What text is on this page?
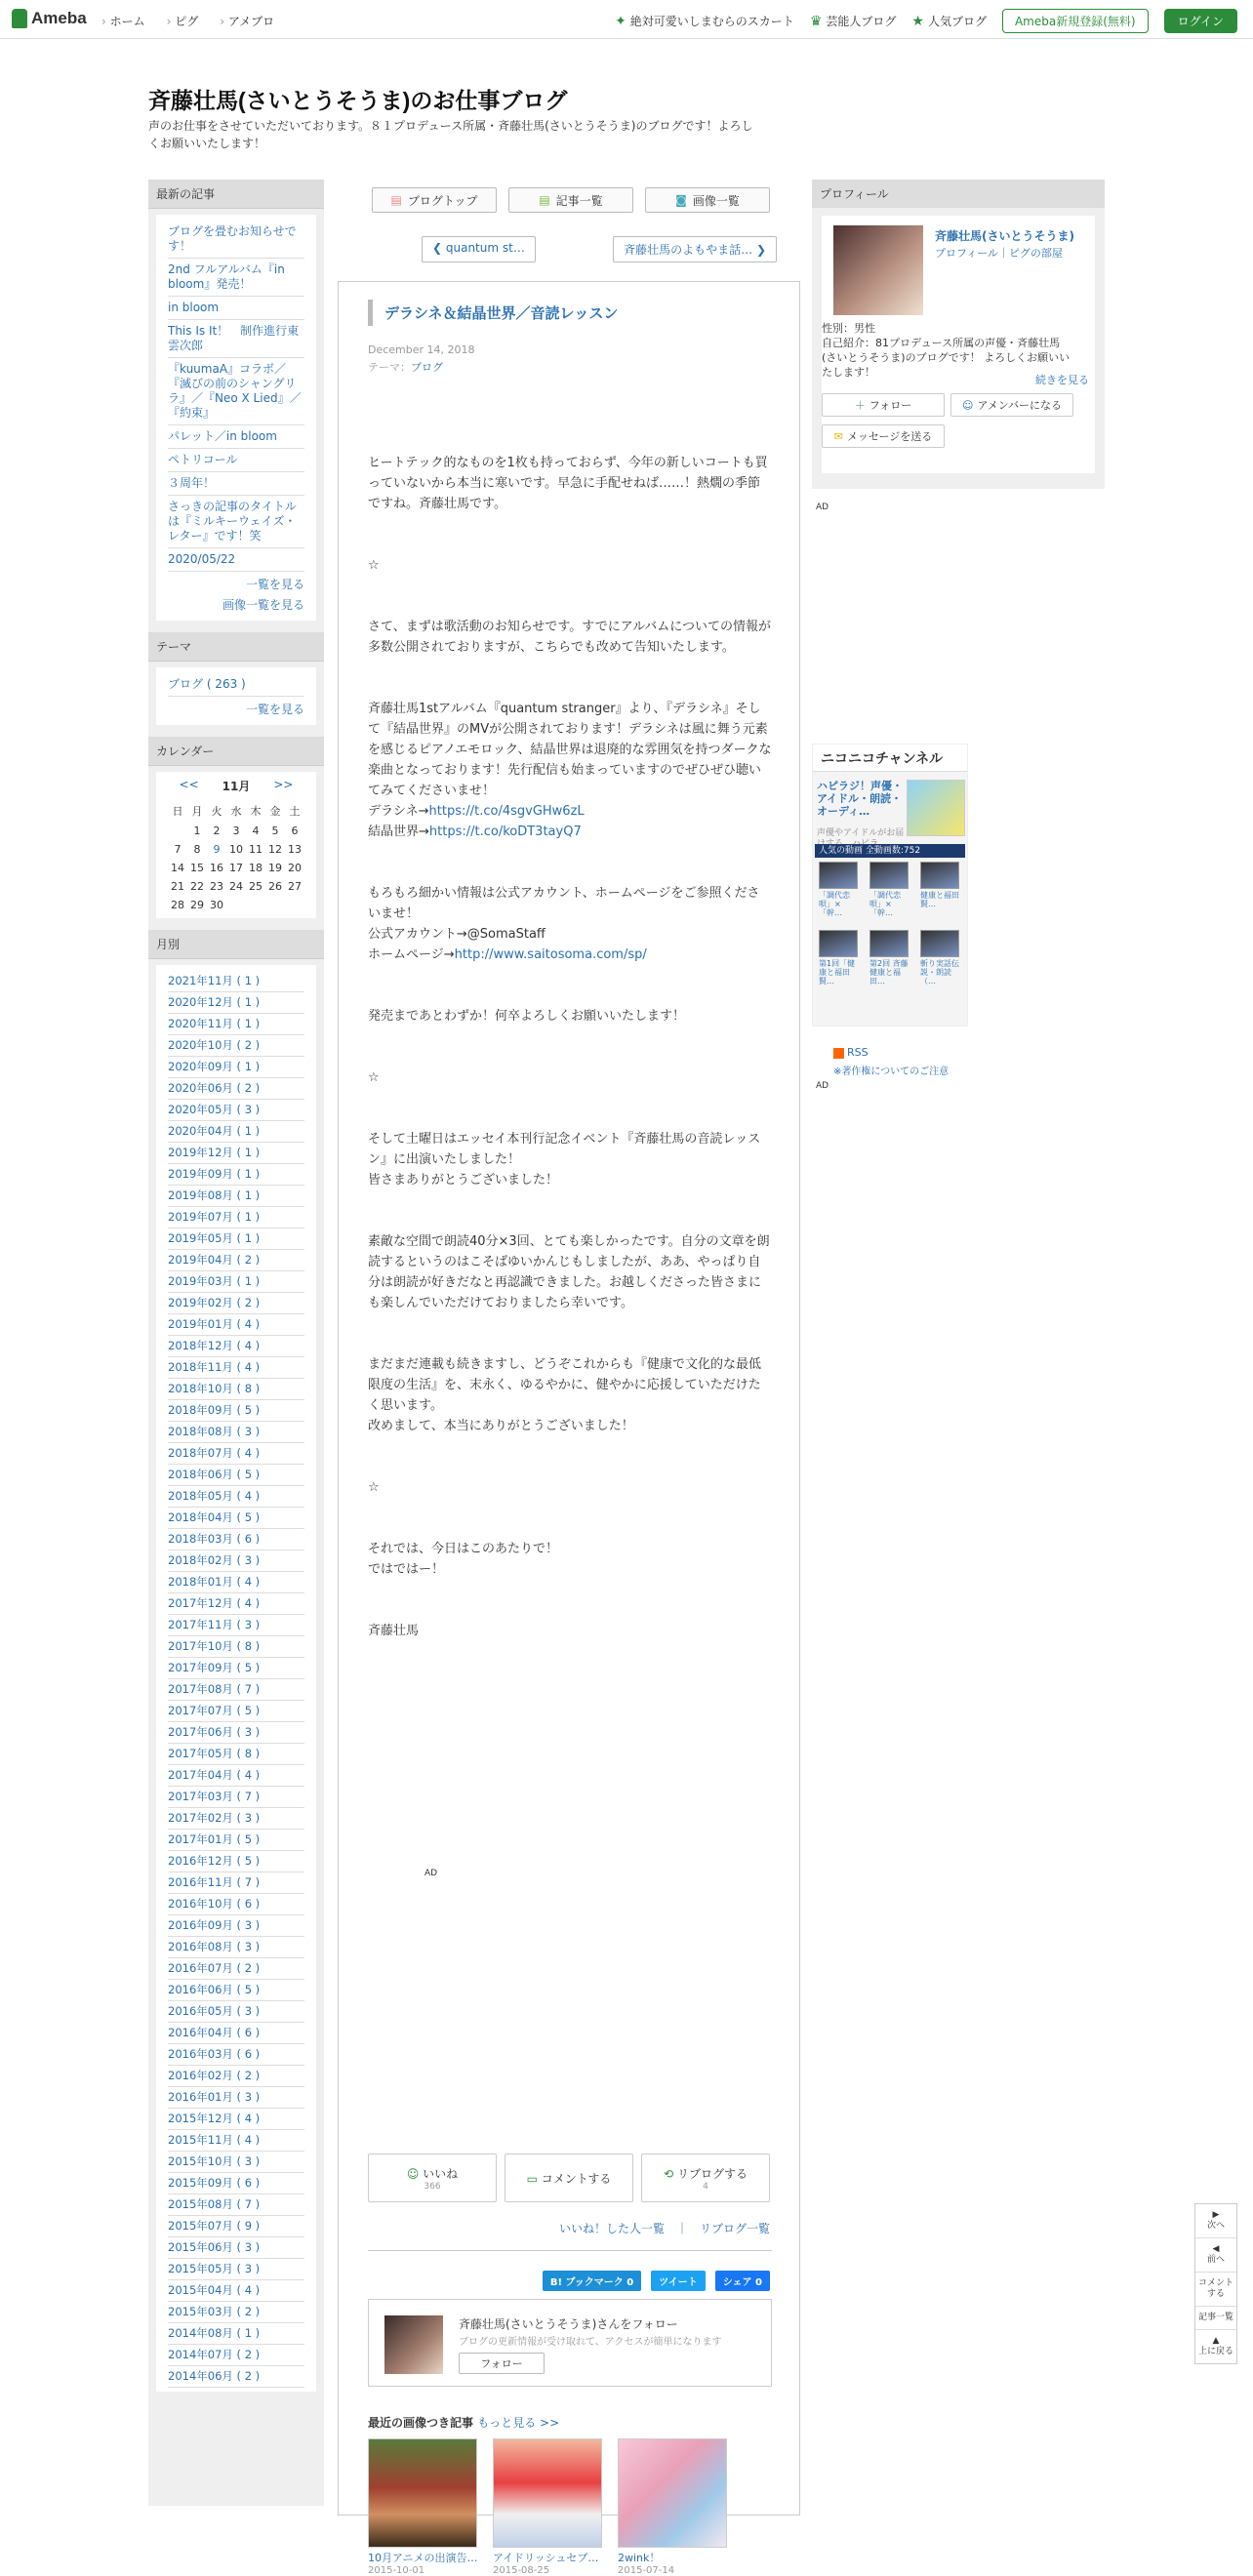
Ameba	› ホーム	› ピグ	› アメブロ	✦ 絶対可愛いしまむらのスカート ♛ 芸能人ブログ ★ 人気ブログ	Ameba新規登録(無料)	ログイン
斉藤壮馬(さいとうそうま)のお仕事ブログ
声のお仕事をさせていただいております。８１プロデュース所属・斉藤壮馬(さいとうそうま)のブログです！よろしくお願いいたします！
最新の記事
ブログを畳むお知らせです！
2nd フルアルバム『in bloom』発売！
in bloom
This Is It！　制作進行東雲次郎
『kuumaA』コラボ／『滅びの前のシャングリラ』／『Neo X Lied』／『約束』
パレット／in bloom
ペトリコール
３周年！
さっきの記事のタイトルは『ミルキーウェイズ・レター』です！笑
2020/05/22
一覧を見る
画像一覧を見る
テーマ
ブログ ( 263 )
一覧を見る
カレンダー
<< 11月 >>
日	月	火	水	木	金	土
	1	2	3	4	5	6
7	8	9	10	11	12	13
14	15	16	17	18	19	20
21	22	23	24	25	26	27
28	29	30				
月別
2021年11月 ( 1 )
2020年12月 ( 1 )
2020年11月 ( 1 )
2020年10月 ( 2 )
2020年09月 ( 1 )
2020年06月 ( 2 )
2020年05月 ( 3 )
2020年04月 ( 1 )
2019年12月 ( 1 )
2019年09月 ( 1 )
2019年08月 ( 1 )
2019年07月 ( 1 )
2019年05月 ( 1 )
2019年04月 ( 2 )
2019年03月 ( 1 )
2019年02月 ( 2 )
2019年01月 ( 4 )
2018年12月 ( 4 )
2018年11月 ( 4 )
2018年10月 ( 8 )
2018年09月 ( 5 )
2018年08月 ( 3 )
2018年07月 ( 4 )
2018年06月 ( 5 )
2018年05月 ( 4 )
2018年04月 ( 5 )
2018年03月 ( 6 )
2018年02月 ( 3 )
2018年01月 ( 4 )
2017年12月 ( 4 )
2017年11月 ( 3 )
2017年10月 ( 8 )
2017年09月 ( 5 )
2017年08月 ( 7 )
2017年07月 ( 5 )
2017年06月 ( 3 )
2017年05月 ( 8 )
2017年04月 ( 4 )
2017年03月 ( 7 )
2017年02月 ( 3 )
2017年01月 ( 5 )
2016年12月 ( 5 )
2016年11月 ( 7 )
2016年10月 ( 6 )
2016年09月 ( 3 )
2016年08月 ( 3 )
2016年07月 ( 2 )
2016年06月 ( 5 )
2016年05月 ( 3 )
2016年04月 ( 6 )
2016年03月 ( 6 )
2016年02月 ( 2 )
2016年01月 ( 3 )
2015年12月 ( 4 )
2015年11月 ( 4 )
2015年10月 ( 3 )
2015年09月 ( 6 )
2015年08月 ( 7 )
2015年07月 ( 9 )
2015年06月 ( 3 )
2015年05月 ( 3 )
2015年04月 ( 4 )
2015年03月 ( 2 )
2014年08月 ( 1 )
2014年07月 ( 2 )
2014年06月 ( 2 )
▤ ブログトップ	▤ 記事一覧	◙ 画像一覧
❮ quantum st…	斉藤壮馬のよもやま話… ❯
デラシネ＆結晶世界／音読レッスン
December 14, 2018
テーマ：ブログ

ヒートテック的なものを1枚も持っておらず、今年の新しいコートも買っていないから本当に寒いです。早急に手配せねば……！熱燗の季節ですね。斉藤壮馬です。

☆

さて、まずは歌活動のお知らせです。すでにアルバムについての情報が多数公開されておりますが、こちらでも改めて告知いたします。

斉藤壮馬1stアルバム『quantum stranger』より、『デラシネ』そして『結晶世界』のMVが公開されております！デラシネは風に舞う元素を感じるピアノエモロック、結晶世界は退廃的な雰囲気を持つダークな楽曲となっております！先行配信も始まっていますのでぜひぜひ聴いてみてくださいませ！

デラシネ→https://t.co/4sgvGHw6zL

結晶世界→https://t.co/koDT3tayQ7

もろもろ細かい情報は公式アカウント、ホームページをご参照くださいませ！

公式アカウント→@SomaStaff

ホームページ→http://www.saitosoma.com/sp/

発売まであとわずか！何卒よろしくお願いいたします！

☆

そして土曜日はエッセイ本刊行記念イベント『斉藤壮馬の音読レッスン』に出演いたしました！

皆さまありがとうございました！

素敵な空間で朗読40分×3回、とても楽しかったです。自分の文章を朗読するというのはこそばゆいかんじもしましたが、ああ、やっぱり自分は朗読が好きだなと再認識できました。お越しくださった皆さまにも楽しんでいただけておりましたら幸いです。

まだまだ連載も続きますし、どうぞこれからも『健康で文化的な最低限度の生活』を、末永く、ゆるやかに、健やかに応援していただけたく思います。

改めまして、本当にありがとうございました！

☆

それでは、今日はこのあたりで！

ではではー！

斉藤壮馬

AD
☺ いいね
366
▭ コメントする	⟲ リブログする
4
いいね！した人一覧　｜　リブログ一覧
B! ブックマーク 0	ツイート	シェア 0
斉藤壮馬(さいとうそうま)さんをフォロー
ブログの更新情報が受け取れて、アクセスが簡単になります
フォロー
最近の画像つき記事 もっと見る >>
10月アニメの出演告…
2015-10-01
アイドリッシュセブ…
2015-08-25
2wink！
2015-07-14
プロフィール
斉藤壮馬(さいとうそうま)
プロフィール｜ピグの部屋
性別：男性
自己紹介：81プロデュース所属の声優・斉藤壮馬(さいとうそうま)のブログです！ よろしくお願いいたします！
続きを見る
＋ フォロー	☺ アメンバーになる
✉ メッセージを送る
AD
ニコニコチャンネル
ハピラジ！声優・アイドル・朗読・オーディ…
声優やアイドルがお届
人気の動画 全動画数:752
「調代恋唄」×「幹…
「調代恋唄」×「幹…
健康と福田賢…
第1回「健康と福田賢…
第2回 斉藤健康と福田…
斬り実話伝説・朗読（…
RSS
※著作権についてのご注意
AD
▶
次へ
◀
前へ
コメントする
記事一覧
▲
上に戻る
